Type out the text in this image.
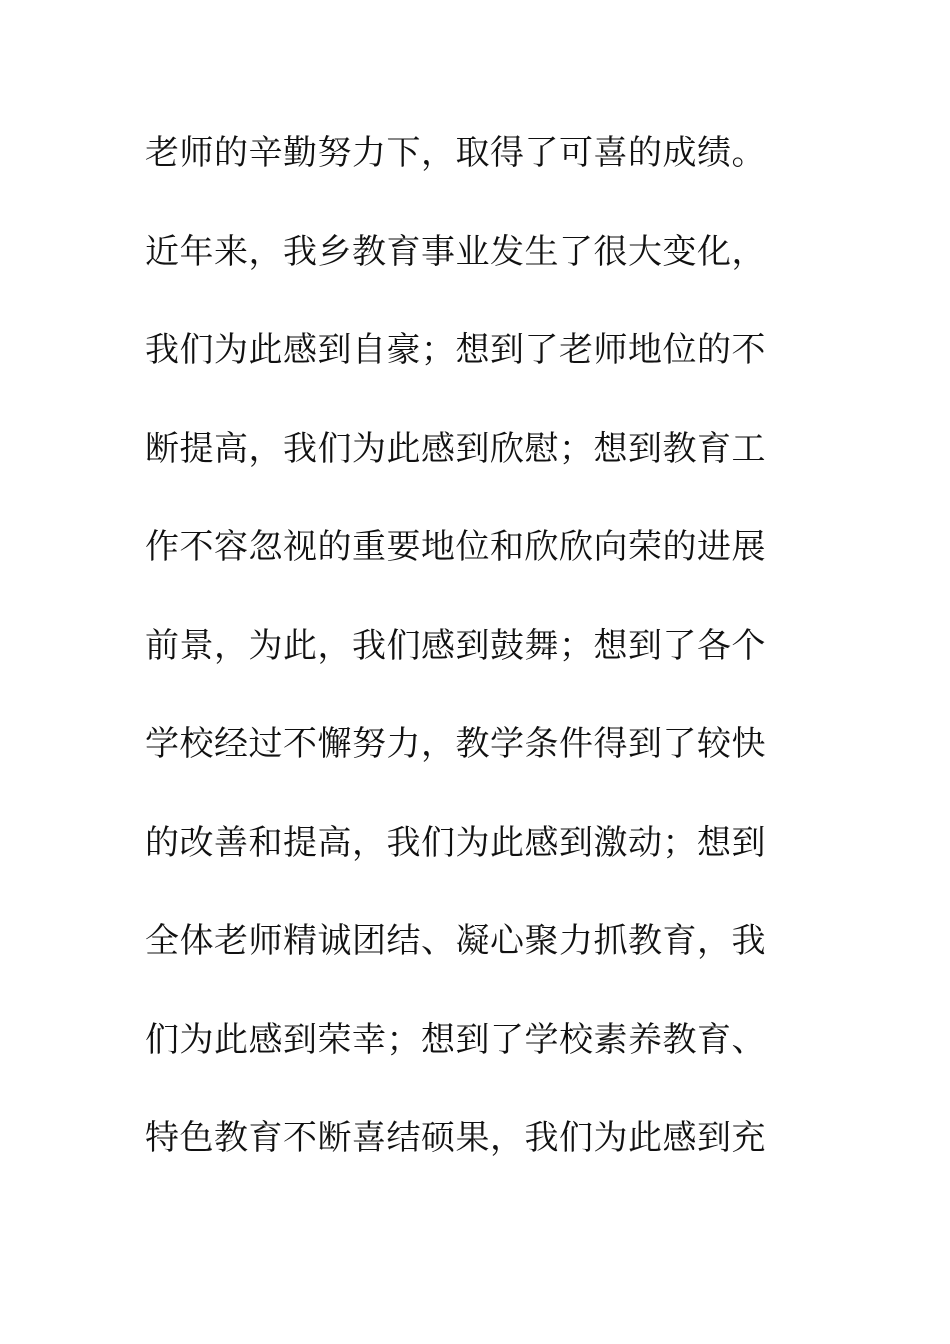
老师的辛勤努力下，取得了可喜的成绩。
近年来，我乡教育事业发生了很大变化，
我们为此感到自豪；想到了老师地位的不
断提高，我们为此感到欣慰；想到教育工
作不容忽视的重要地位和欣欣向荣的进展
前景，为此，我们感到鼓舞；想到了各个
学校经过不懈努力，教学条件得到了较快
的改善和提高，我们为此感到激动；想到
全体老师精诚团结、凝心聚力抓教育，我
们为此感到荣幸；想到了学校素养教育、
特色教育不断喜结硕果，我们为此感到充
